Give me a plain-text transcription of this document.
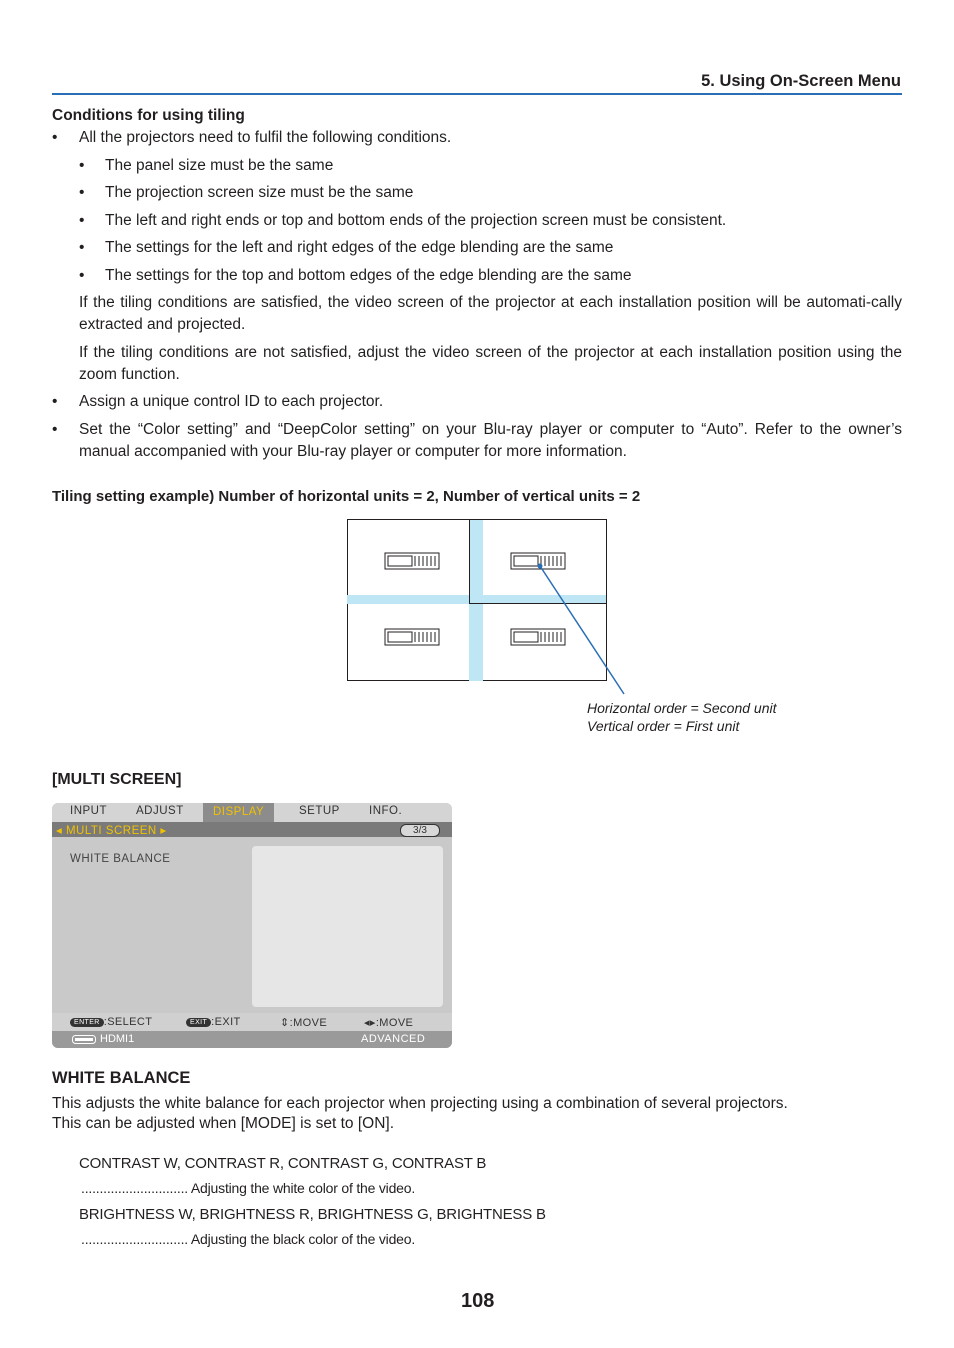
5. Using On-Screen Menu
Conditions for using tiling
• All the projectors need to fulfil the following conditions.
• The panel size must be the same
• The projection screen size must be the same
• The left and right ends or top and bottom ends of the projection screen must be consistent.
• The settings for the left and right edges of the edge blending are the same
• The settings for the top and bottom edges of the edge blending are the same
If the tiling conditions are satisfied, the video screen of the projector at each installation position will be automati-cally extracted and projected.
If the tiling conditions are not satisfied, adjust the video screen of the projector at each installation position using the zoom function.
• Assign a unique control ID to each projector.
• Set the “Color setting” and “DeepColor setting” on your Blu-ray player or computer to “Auto”. Refer to the owner’s manual accompanied with your Blu-ray player or computer for more information.
Tiling setting example) Number of horizontal units = 2, Number of vertical units = 2
Horizontal order = Second unit
Vertical order = First unit
[MULTI SCREEN]
INPUT	ADJUST	DISPLAY	SETUP	INFO.
◂ MULTI SCREEN ▸	3/3
WHITE BALANCE
ENTER :SELECT	EXIT :EXIT	⇕:MOVE	◂▸:MOVE
HDMI1	ADVANCED
WHITE BALANCE
This adjusts the white balance for each projector when projecting using a combination of several projectors.
This can be adjusted when [MODE] is set to [ON].
CONTRAST W, CONTRAST R, CONTRAST G, CONTRAST B
............................. Adjusting the white color of the video.
BRIGHTNESS W, BRIGHTNESS R, BRIGHTNESS G, BRIGHTNESS B
............................. Adjusting the black color of the video.
108
